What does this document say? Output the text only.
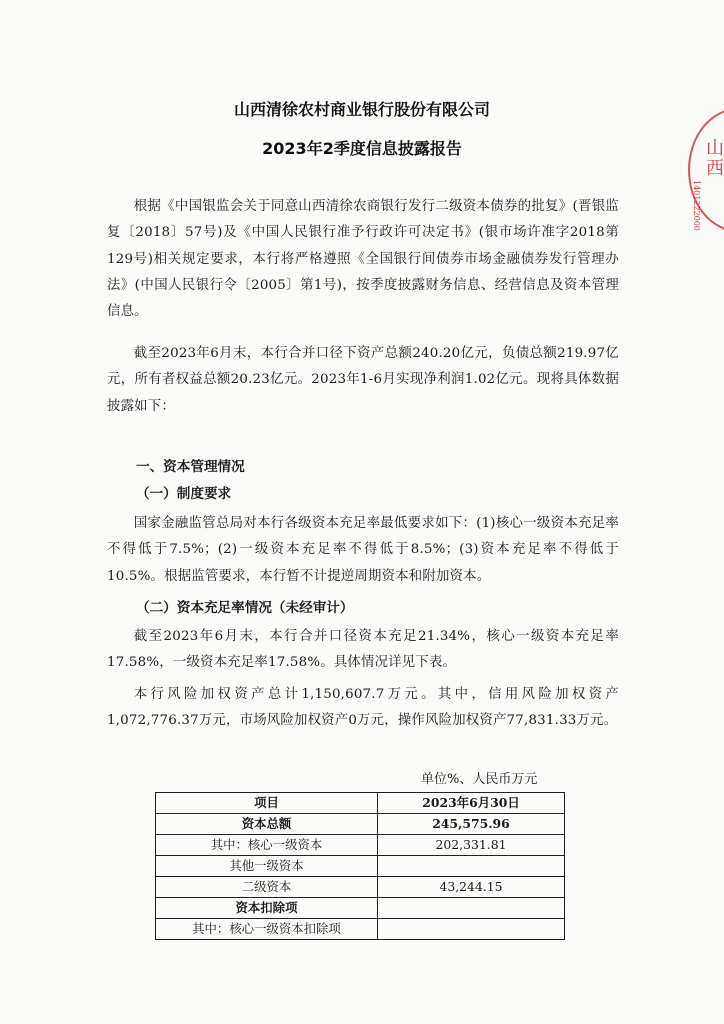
山西清徐农村商业银行股份有限公司
2023年2季度信息披露报告

根据《中国银监会关于同意山西清徐农商银行发行二级资本债券的批复》(晋银监复〔2018〕57号)及《中国人民银行准予行政许可决定书》(银市场许准字2018第129号)相关规定要求，本行将严格遵照《全国银行间债券市场金融债券发行管理办法》(中国人民银行令〔2005〕第1号)，按季度披露财务信息、经营信息及资本管理信息。

截至2023年6月末，本行合并口径下资产总额240.20亿元，负债总额219.97亿元，所有者权益总额20.23亿元。2023年1-6月实现净利润1.02亿元。现将具体数据披露如下：

一、资本管理情况
（一）制度要求

国家金融监管总局对本行各级资本充足率最低要求如下：(1)核心一级资本充足率不得低于7.5%；(2)一级资本充足率不得低于8.5%；(3)资本充足率不得低于10.5%。根据监管要求，本行暂不计提逆周期资本和附加资本。

（二）资本充足率情况（未经审计）

截至2023年6月末，本行合并口径资本充足21.34%，核心一级资本充足率17.58%，一级资本充足率17.58%。具体情况详见下表。

本行风险加权资产总计1,150,607.7万元。其中，信用风险加权资产1,072,776.37万元，市场风险加权资产0万元，操作风险加权资产77,831.33万元。

单位%、人民币万元
项目	2023年6月30日
资本总额	245,575.96
其中：核心一级资本	202,331.81
其他一级资本	
二级资本	43,244.15
资本扣除项	
其中：核心一级资本扣除项	
山西
1401222000
